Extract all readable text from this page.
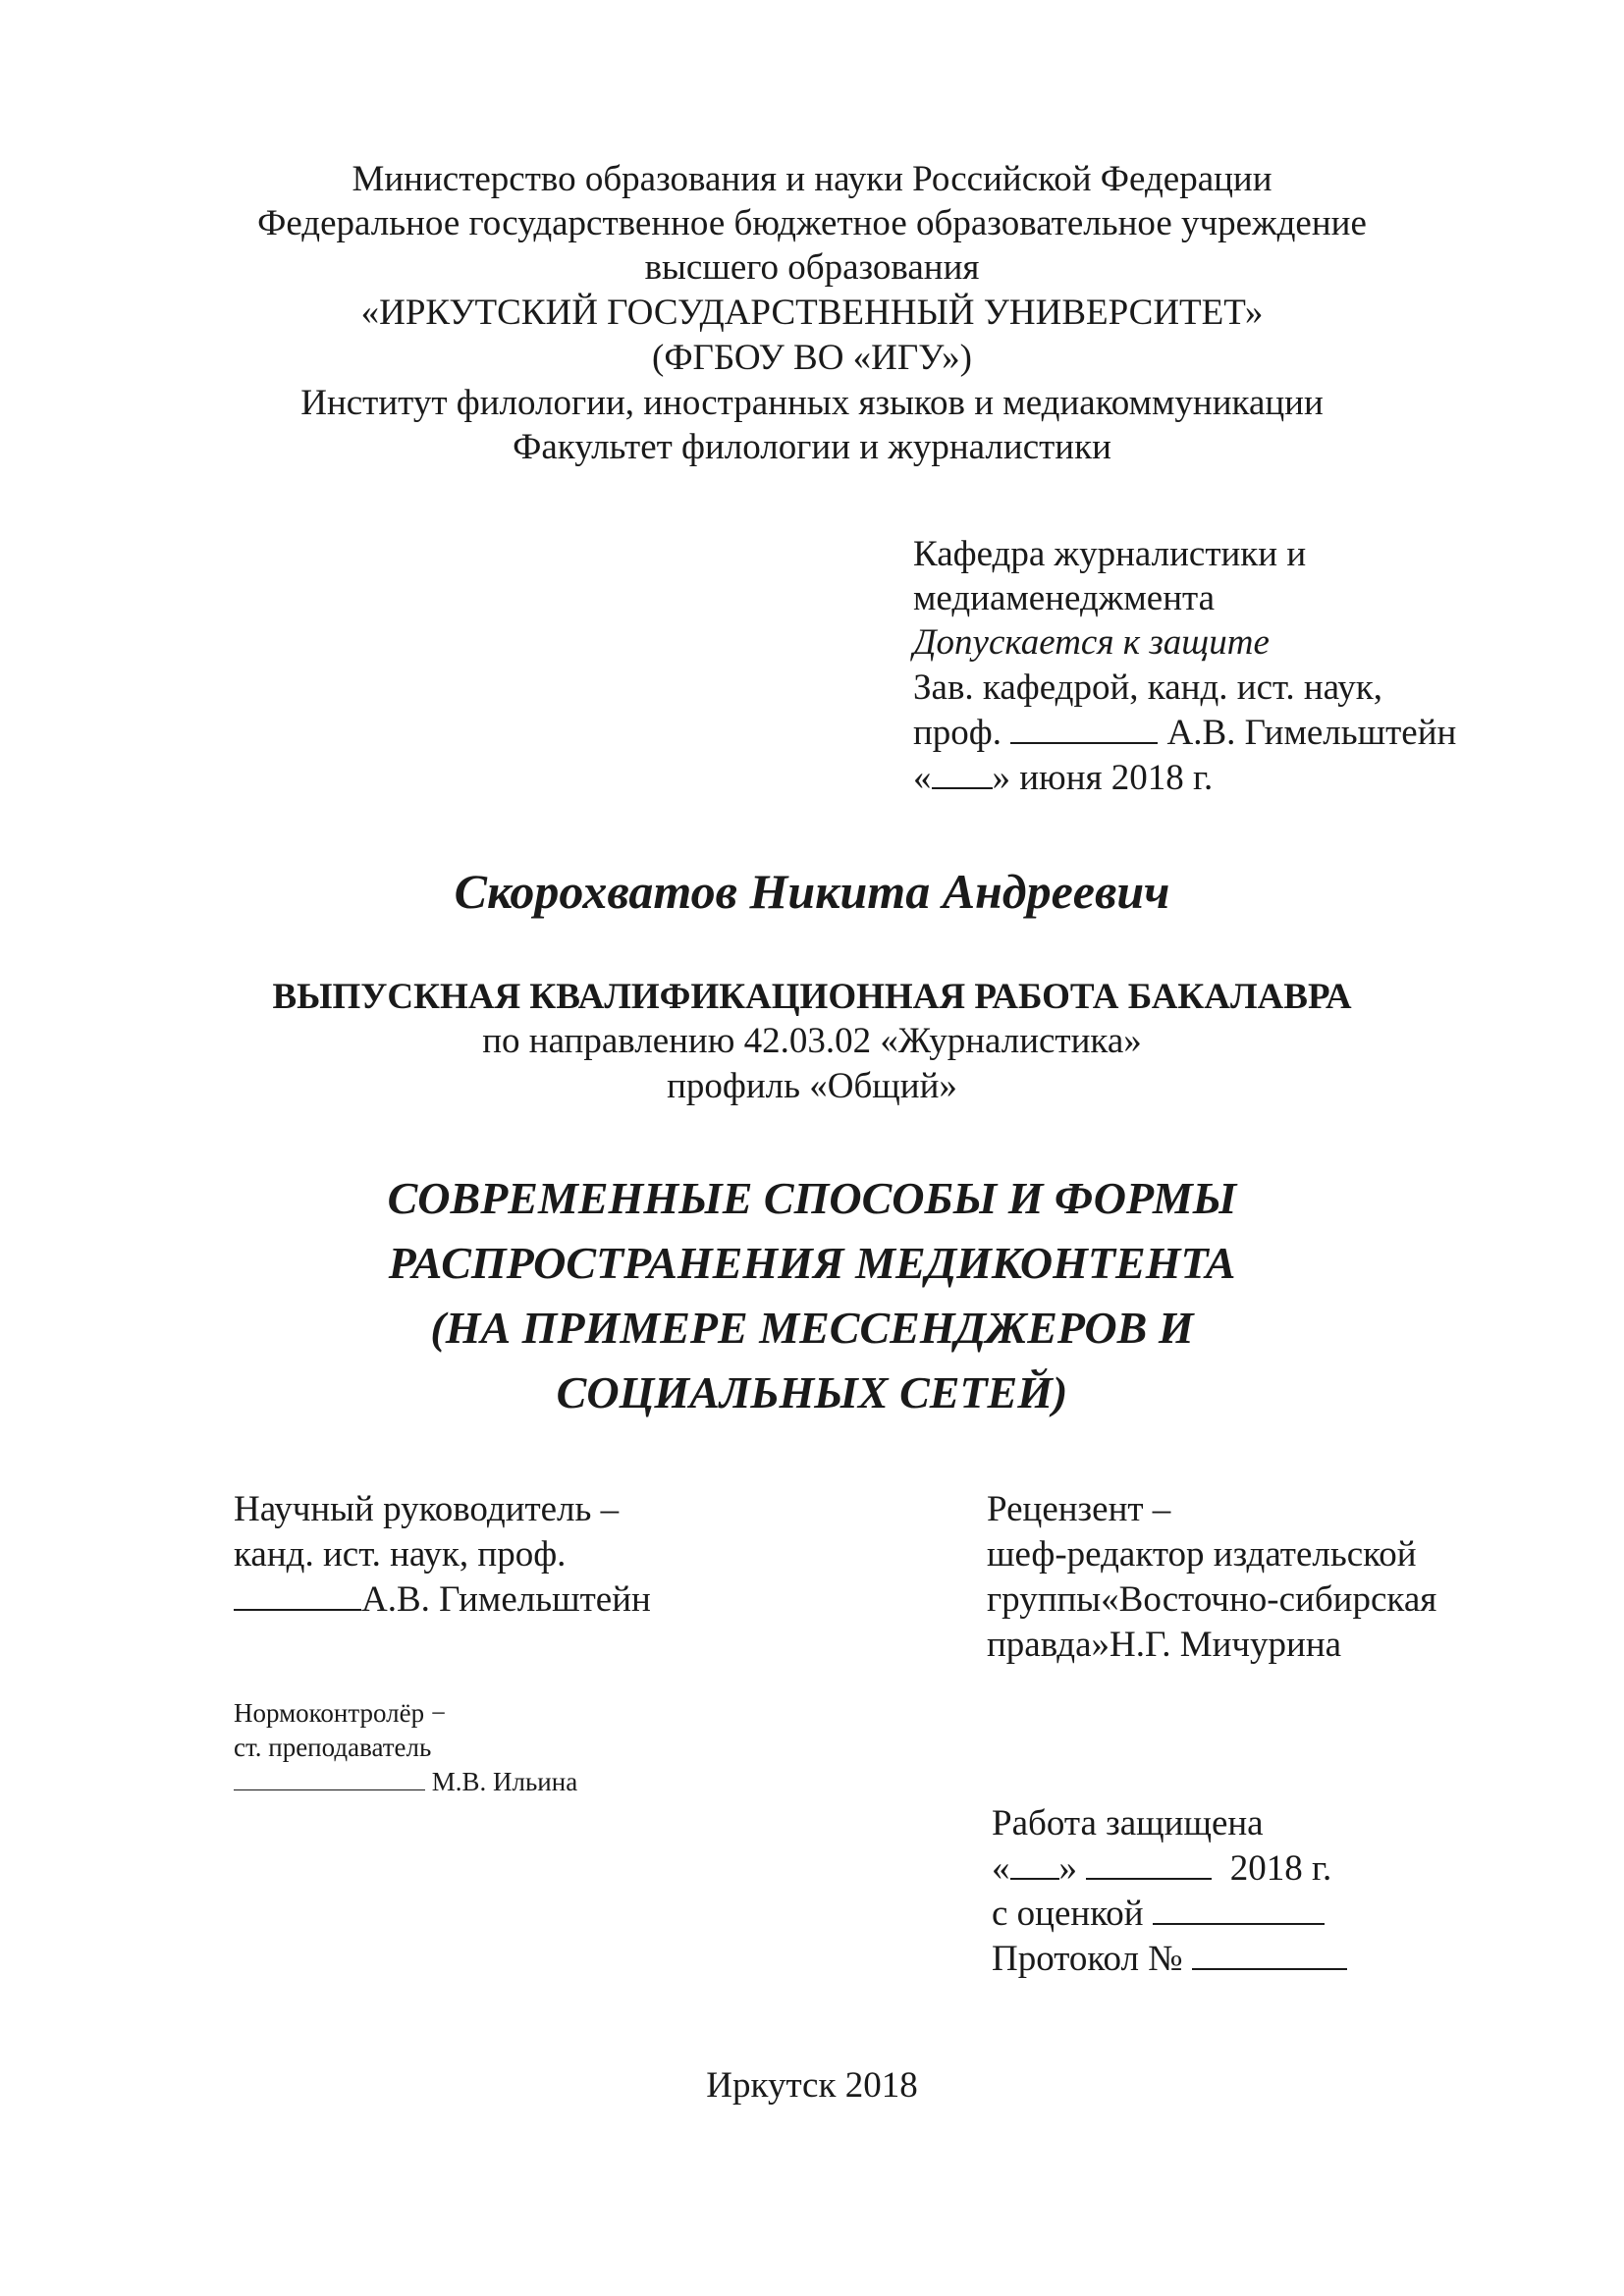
Министерство образования и науки Российской Федерации
Федеральное государственное бюджетное образовательное учреждение
высшего образования
«ИРКУТСКИЙ ГОСУДАРСТВЕННЫЙ УНИВЕРСИТЕТ»
(ФГБОУ ВО «ИГУ»)
Институт филологии, иностранных языков и медиакоммуникации
Факультет филологии и журналистики
Кафедра журналистики и
медиаменеджмента
Допускается к защите
Зав. кафедрой, канд. ист. наук,
проф.	А.В. Гимельштейн
« » июня 2018 г.
Скорохватов Никита Андреевич
ВЫПУСКНАЯ КВАЛИФИКАЦИОННАЯ РАБОТА БАКАЛАВРА
по направлению 42.03.02 «Журналистика»
профиль «Общий»
СОВРЕМЕННЫЕ СПОСОБЫ И ФОРМЫ
РАСПРОСТРАНЕНИЯ МЕДИКОНТЕНТА
(НА ПРИМЕРЕ МЕССЕНДЖЕРОВ И
СОЦИАЛЬНЫХ СЕТЕЙ)
Научный руководитель –
канд. ист. наук, проф.
А.В. Гимельштейн
Рецензент –
шеф-редактор издательской
группы«Восточно-сибирская
правда»Н.Г. Мичурина
Нормоконтролёр −
ст. преподаватель
М.В. Ильина
Работа защищена
« »	2018 г.
с оценкой
Протокол №
Иркутск 2018
